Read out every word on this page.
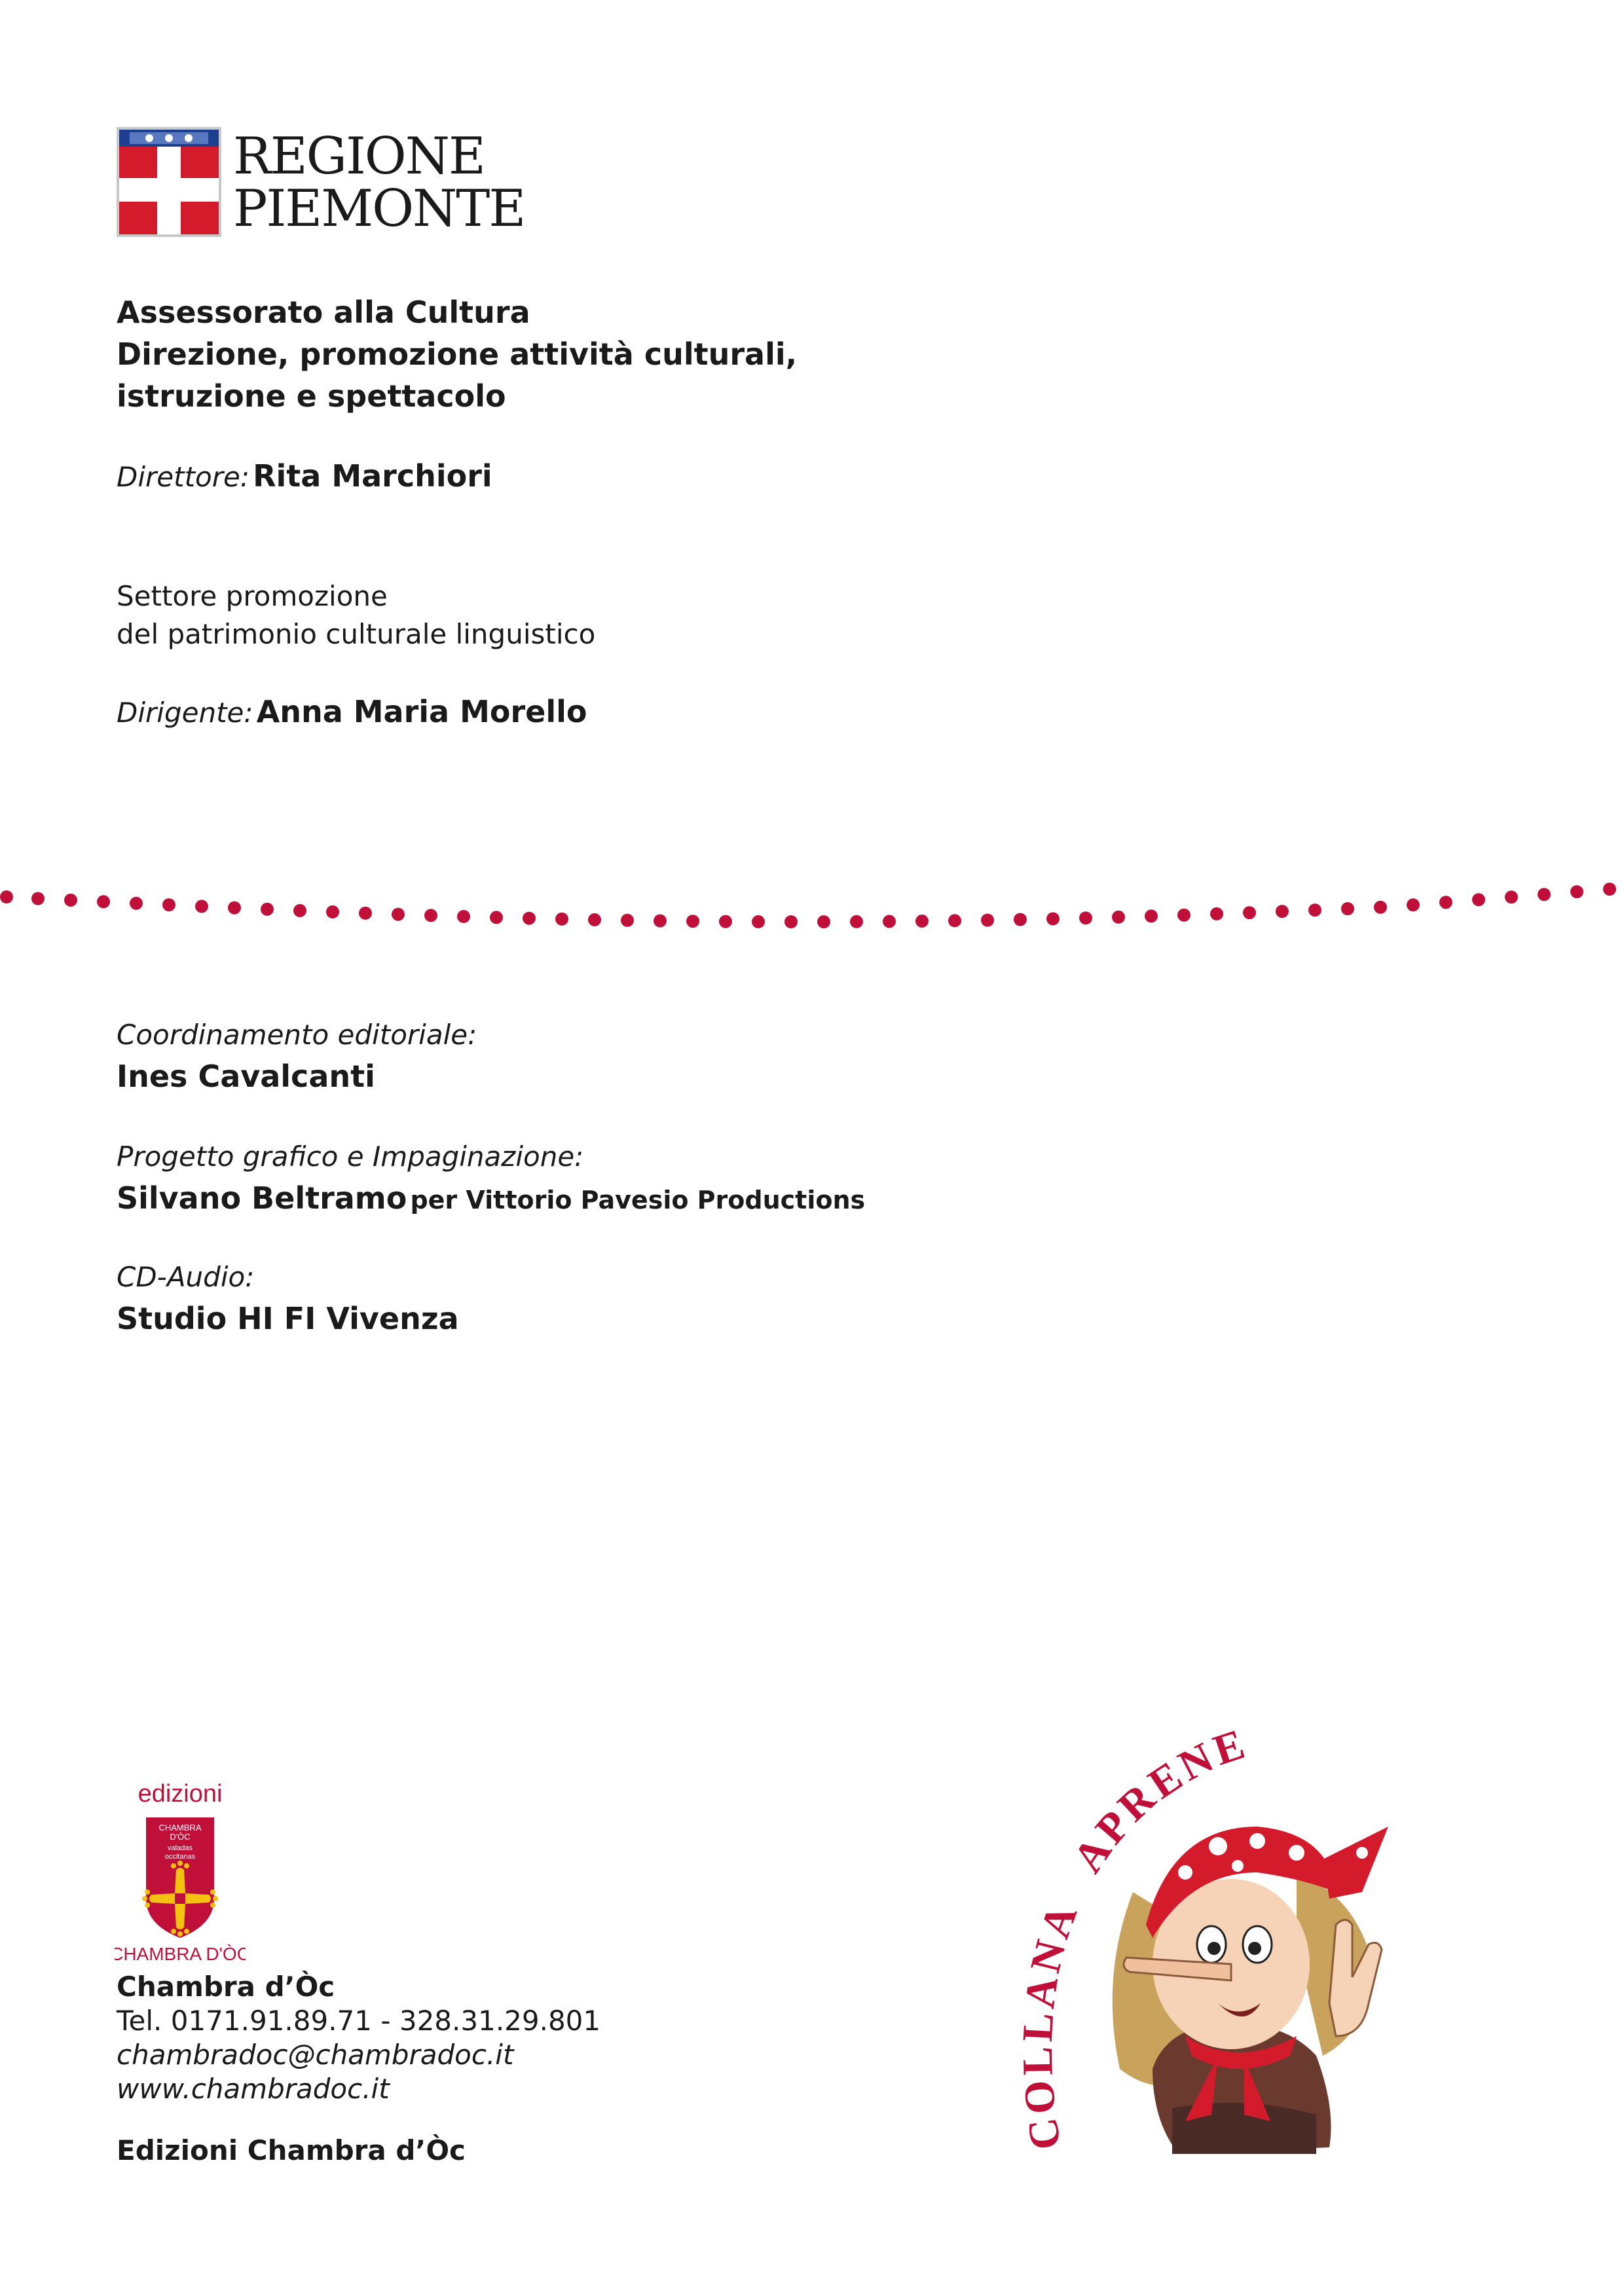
REGIONE
PIEMONTE
Assessorato alla Cultura
Direzione, promozione attività culturali,
istruzione e spettacolo
Direttore: Rita Marchiori
Settore promozione
del patrimonio culturale linguistico
Dirigente: Anna Maria Morello
Coordinamento editoriale:
Ines Cavalcanti
Progetto grafico e Impaginazione:
Silvano Beltramo per Vittorio Pavesio Productions
CD-Audio:
Studio HI FI Vivenza
edizioni
CHAMBRA
D'ÒC
valadas
occitanas
CHAMBRA D'ÒC
Chambra d’Òc
Tel. 0171.91.89.71 - 328.31.29.801
chambradoc@chambradoc.it
www.chambradoc.it
Edizioni Chambra d’Òc	C NA APRENE
